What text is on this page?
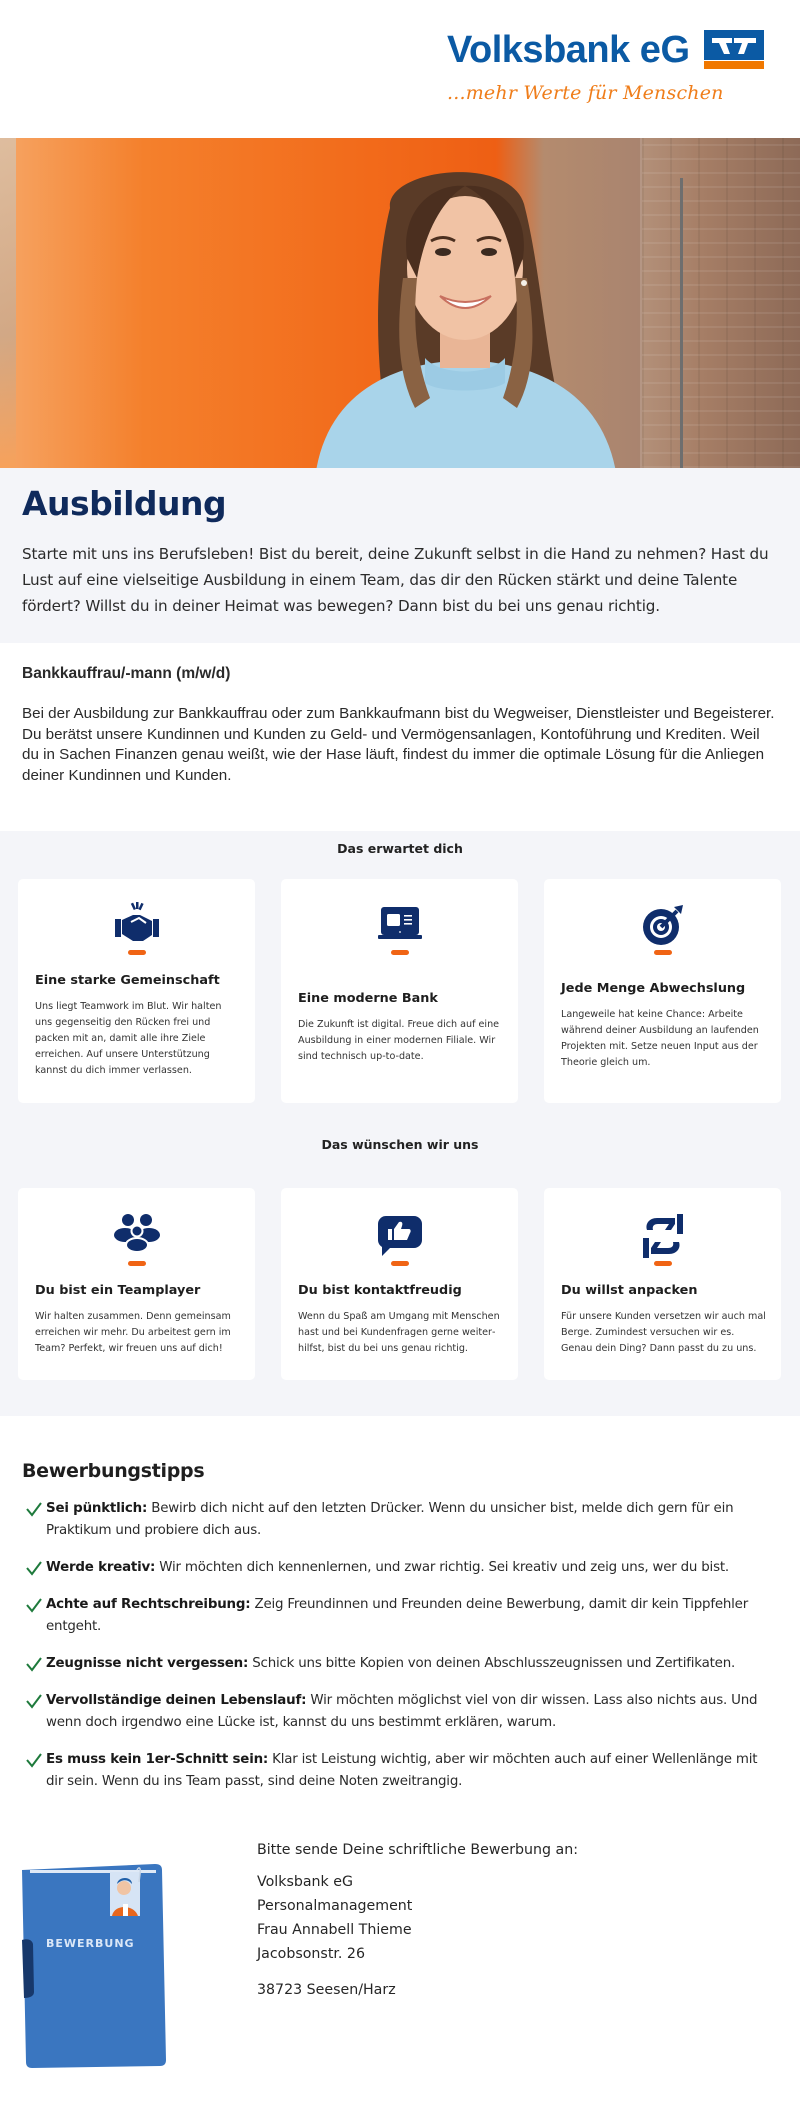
Volksbank eG
...mehr Werte für Menschen
Ausbildung

Starte mit uns ins Berufsleben! Bist du bereit, deine Zukunft selbst in die Hand zu nehmen? Hast du Lust auf eine vielseitige Ausbildung in einem Team, das dir den Rücken stärkt und deine Talente fördert? Willst du in deiner Heimat was bewegen? Dann bist du bei uns genau richtig.

Bankkauffrau/-mann (m/w/d)

Bei der Ausbildung zur Bankkauffrau oder zum Bankkaufmann bist du Wegweiser, Dienstleister und Begeisterer. Du berätst unsere Kundinnen und Kunden zu Geld- und Vermögensanlagen, Kontoführung und Krediten. Weil du in Sachen Finanzen genau weißt, wie der Hase läuft, findest du immer die optimale Lösung für die Anliegen deiner Kundinnen und Kunden.

Das erwartet dich
Eine starke Gemeinschaft

Uns liegt Teamwork im Blut. Wir halten uns gegenseitig den Rücken frei und packen mit an, damit alle ihre Ziele erreichen. Auf unsere Unterstützung kannst du dich immer verlassen.

Eine moderne Bank

Die Zukunft ist digital. Freue dich auf eine Ausbildung in einer modernen Filiale. Wir sind technisch up-to-date.

Jede Menge Abwechslung

Langeweile hat keine Chance: Arbeite während deiner Ausbildung an laufenden Projekten mit. Setze neuen Input aus der Theorie gleich um.

Das wünschen wir uns
Du bist ein Teamplayer

Wir halten zusammen. Denn gemeinsam erreichen wir mehr. Du arbeitest gern im Team? Perfekt, wir freuen uns auf dich!

Du bist kontaktfreudig

Wenn du Spaß am Umgang mit Menschen hast und bei Kundenfragen gerne weiterhilfst, bist du bei uns genau richtig.

Du willst anpacken

Für unsere Kunden versetzen wir auch mal Berge. Zumindest versuchen wir es. Genau dein Ding? Dann passt du zu uns.

Bewerbungstipps
Sei pünktlich: Bewirb dich nicht auf den letzten Drücker. Wenn du unsicher bist, melde dich gern für ein Praktikum und probiere dich aus.
Werde kreativ: Wir möchten dich kennenlernen, und zwar richtig. Sei kreativ und zeig uns, wer du bist.
Achte auf Rechtschreibung: Zeig Freundinnen und Freunden deine Bewerbung, damit dir kein Tippfehler entgeht.
Zeugnisse nicht vergessen: Schick uns bitte Kopien von deinen Abschlusszeugnissen und Zertifikaten.
Vervollständige deinen Lebenslauf: Wir möchten möglichst viel von dir wissen. Lass also nichts aus. Und wenn doch irgendwo eine Lücke ist, kannst du uns bestimmt erklären, warum.
Es muss kein 1er-Schnitt sein: Klar ist Leistung wichtig, aber wir möchten auch auf einer Wellenlänge mit dir sein. Wenn du ins Team passt, sind deine Noten zweitrangig.
BEWERBUNG
Bitte sende Deine schriftliche Bewerbung an:
Volksbank eG
Personalmanagement
Frau Annabell Thieme
Jacobsonstr. 26
38723 Seesen/Harz
